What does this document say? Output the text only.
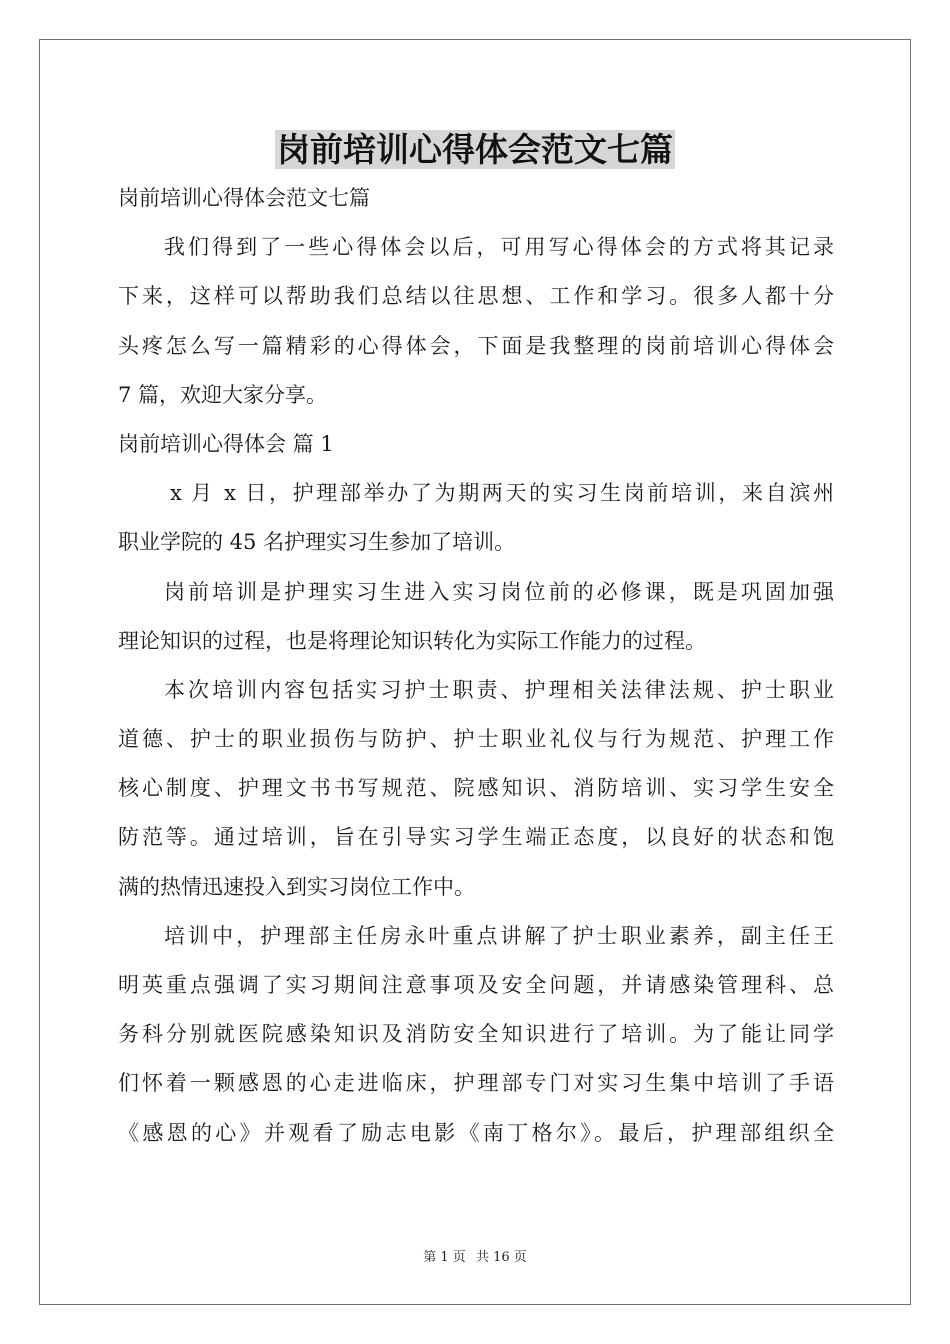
岗前培训心得体会范文七篇

岗前培训心得体会范文七篇

我们得到了一些心得体会以后，可用写心得体会的方式将其记录

下来，这样可以帮助我们总结以往思想、工作和学习。很多人都十分

头疼怎么写一篇精彩的心得体会，下面是我整理的岗前培训心得体会

7 篇，欢迎大家分享。

岗前培训心得体会 篇 1

x 月 x 日，护理部举办了为期两天的实习生岗前培训，来自滨州

职业学院的 45 名护理实习生参加了培训。

岗前培训是护理实习生进入实习岗位前的必修课，既是巩固加强

理论知识的过程，也是将理论知识转化为实际工作能力的过程。

本次培训内容包括实习护士职责、护理相关法律法规、护士职业

道德、护士的职业损伤与防护、护士职业礼仪与行为规范、护理工作

核心制度、护理文书书写规范、院感知识、消防培训、实习学生安全

防范等。通过培训，旨在引导实习学生端正态度，以良好的状态和饱

满的热情迅速投入到实习岗位工作中。

培训中，护理部主任房永叶重点讲解了护士职业素养，副主任王

明英重点强调了实习期间注意事项及安全问题，并请感染管理科、总

务科分别就医院感染知识及消防安全知识进行了培训。为了能让同学

们怀着一颗感恩的心走进临床，护理部专门对实习生集中培训了手语

《感恩的心》并观看了励志电影《南丁格尔》。最后，护理部组织全

第 1 页 共 16 页
